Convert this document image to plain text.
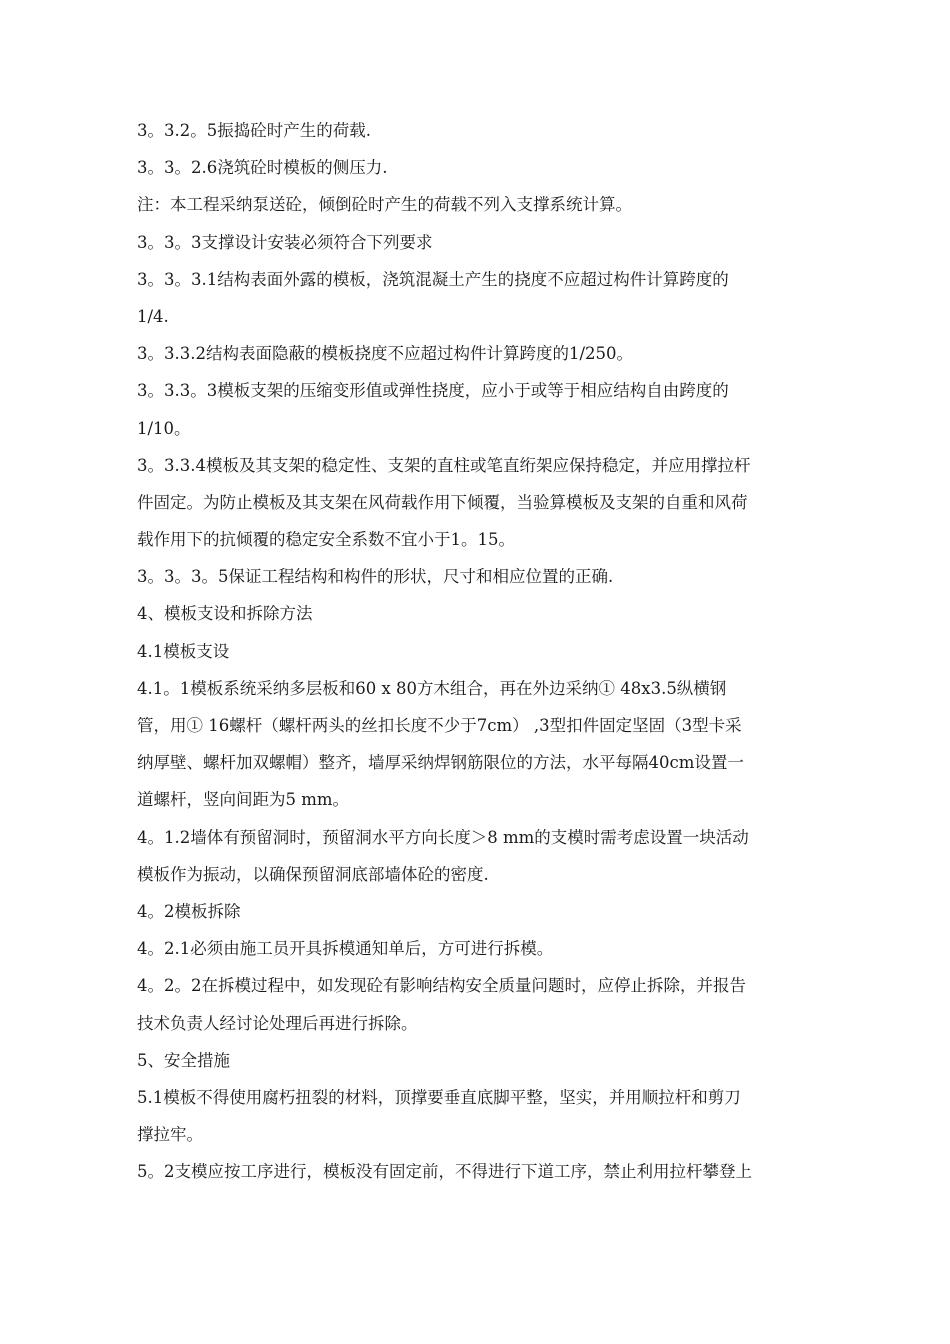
3。3.2。5振捣砼时产生的荷载.
3。3。2.6浇筑砼时模板的侧压力.
注：本工程采纳泵送砼，倾倒砼时产生的荷载不列入支撑系统计算。
3。3。3支撑设计安装必须符合下列要求
3。3。3.1结构表面外露的模板，浇筑混凝土产生的挠度不应超过构件计算跨度的
1/4.
3。3.3.2结构表面隐蔽的模板挠度不应超过构件计算跨度的1/250。
3。3.3。3模板支架的压缩变形值或弹性挠度，应小于或等于相应结构自由跨度的
1/10。
3。3.3.4模板及其支架的稳定性、支架的直柱或笔直绗架应保持稳定，并应用撑拉杆
件固定。为防止模板及其支架在风荷载作用下倾覆，当验算模板及支架的自重和风荷
载作用下的抗倾覆的稳定安全系数不宜小于1。15。
3。3。3。5保证工程结构和构件的形状，尺寸和相应位置的正确.
4、模板支设和拆除方法
4.1模板支设
4.1。1模板系统采纳多层板和60 x 80方木组合，再在外边采纳① 48x3.5纵横钢
管，用① 16螺杆（螺杆两头的丝扣长度不少于7cm） ,3型扣件固定坚固（3型卡采
纳厚壁、螺杆加双螺帽）整齐，墙厚采纳焊钢筋限位的方法，水平每隔40cm设置一
道螺杆，竖向间距为5 mm。
4。1.2墙体有预留洞时，预留洞水平方向长度＞8 mm的支模时需考虑设置一块活动
模板作为振动，以确保预留洞底部墙体砼的密度.
4。2模板拆除
4。2.1必须由施工员开具拆模通知单后，方可进行拆模。
4。2。2在拆模过程中，如发现砼有影响结构安全质量问题时，应停止拆除，并报告
技术负责人经讨论处理后再进行拆除。
5、安全措施
5.1模板不得使用腐朽扭裂的材料，顶撑要垂直底脚平整，坚实，并用顺拉杆和剪刀
撑拉牢。
5。2支模应按工序进行，模板没有固定前，不得进行下道工序，禁止利用拉杆攀登上
